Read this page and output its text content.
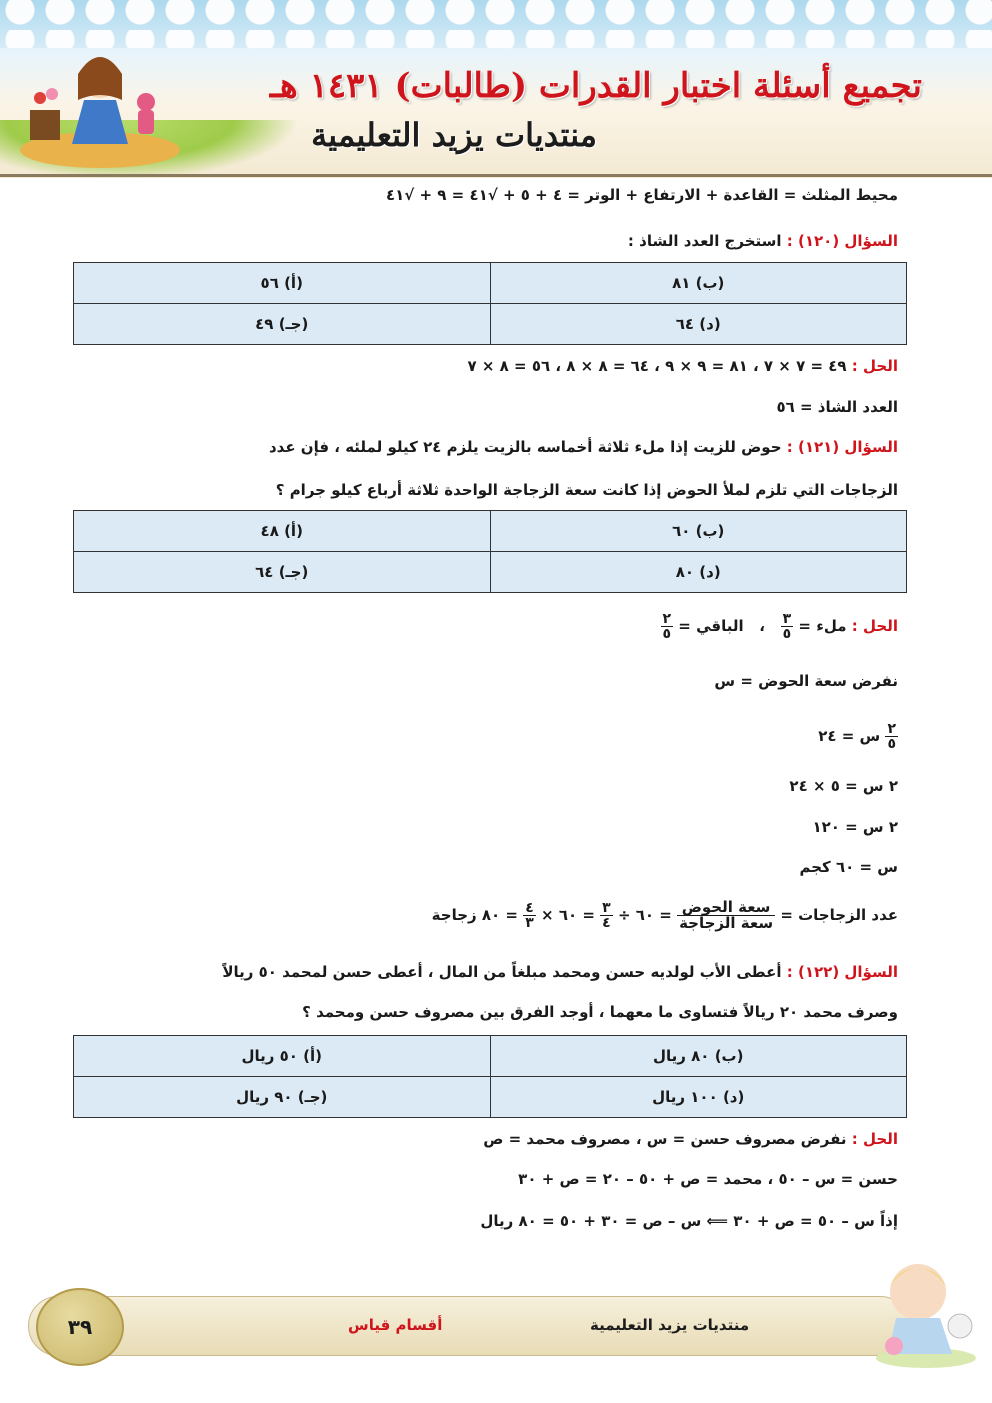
تجميع أسئلة اختبار القدرات (طالبات) ١٤٣١ هـ
منتديات يزيد التعليمية
محيط المثلث = القاعدة + الارتفاع + الوتر = ٤ + ٥ + √٤١ = ٩ + √٤١
السؤال (١٢٠) : استخرج العدد الشاذ :
(أ) ٥٦	(ب) ٨١
(جـ) ٤٩	(د) ٦٤
الحل : ٤٩ = ٧ × ٧ ، ٨١ = ٩ × ٩ ، ٦٤ = ٨ × ٨ ، ٥٦ = ٨ × ٧
العدد الشاذ = ٥٦
السؤال (١٢١) : حوض للزيت إذا ملء ثلاثة أخماسه بالزيت يلزم ٢٤ كيلو لملئه ، فإن عدد
الزجاجات التي تلزم لملأ الحوض إذا كانت سعة الزجاجة الواحدة ثلاثة أرباع كيلو جرام ؟
(أ) ٤٨	(ب) ٦٠
(جـ) ٦٤	(د) ٨٠
الحل : ملء =
$\frac{٣}{٥}$
،   الباقي =
$\frac{٢}{٥}$
نفرض سعة الحوض = س
$\frac{٢}{٥}$
س = ٢٤
٢ س = ٥ × ٢٤
٢ س = ١٢٠
س = ٦٠ كجم
عدد الزجاجات =
$\frac{\text{سعة الحوض}}{\text{سعة الزجاجة}}$
= ٦٠ ÷
$\frac{٣}{٤}$
= ٦٠ ×
$\frac{٤}{٣}$
= ٨٠ زجاجة
السؤال (١٢٢) : أعطى الأب لولديه حسن ومحمد مبلغاً من المال ، أعطى حسن لمحمد ٥٠ ريالاً
وصرف محمد ٢٠ ريالاً فتساوى ما معهما ، أوجد الفرق بين مصروف حسن ومحمد ؟
(أ) ٥٠ ريال	(ب) ٨٠ ريال
(جـ) ٩٠ ريال	(د) ١٠٠ ريال
الحل : نفرض مصروف حسن = س ، مصروف محمد = ص
حسن = س – ٥٠ ، محمد = ص + ٥٠ – ٢٠ = ص + ٣٠
إذاً س – ٥٠ = ص + ٣٠ ⟸ س – ص = ٣٠ + ٥٠ = ٨٠ ريال
٣٩	أقسام قياس	منتديات يزيد التعليمية
